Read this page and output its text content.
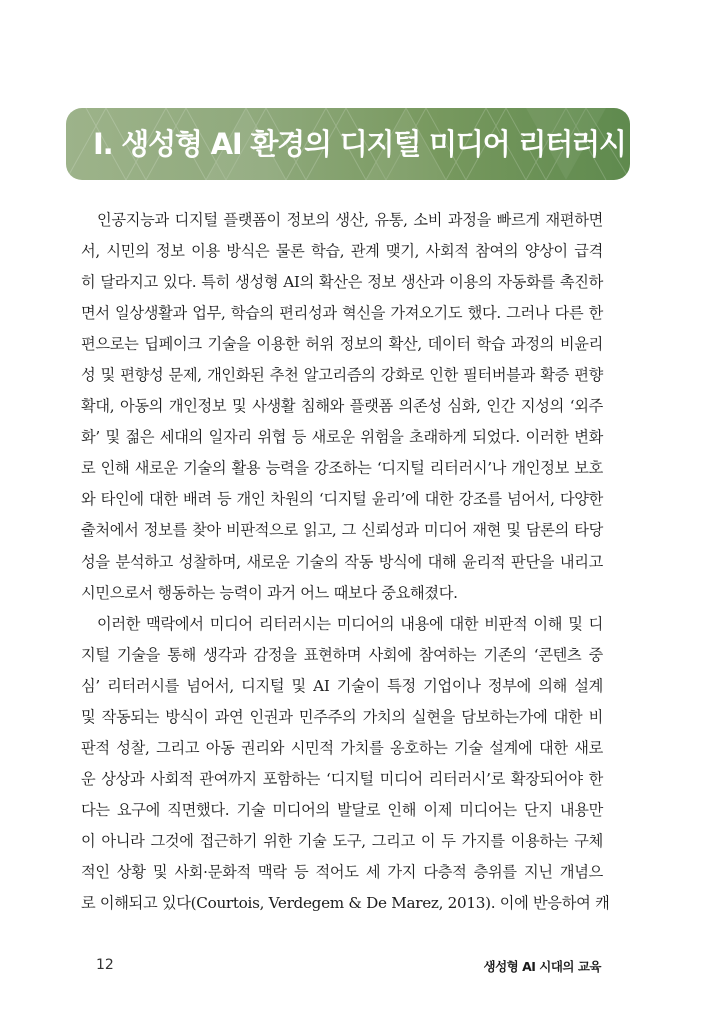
I. 생성형 AI 환경의 디지털 미디어 리터러시
인공지능과 디지털 플랫폼이 정보의 생산, 유통, 소비 과정을 빠르게 재편하면
서, 시민의 정보 이용 방식은 물론 학습, 관계 맺기, 사회적 참여의 양상이 급격
히 달라지고 있다. 특히 생성형 AI의 확산은 정보 생산과 이용의 자동화를 촉진하
면서 일상생활과 업무, 학습의 편리성과 혁신을 가져오기도 했다. 그러나 다른 한
편으로는 딥페이크 기술을 이용한 허위 정보의 확산, 데이터 학습 과정의 비윤리
성 및 편향성 문제, 개인화된 추천 알고리즘의 강화로 인한 필터버블과 확증 편향
확대, 아동의 개인정보 및 사생활 침해와 플랫폼 의존성 심화, 인간 지성의 ‘외주
화’ 및 젊은 세대의 일자리 위협 등 새로운 위험을 초래하게 되었다. 이러한 변화
로 인해 새로운 기술의 활용 능력을 강조하는 ‘디지털 리터러시’나 개인정보 보호
와 타인에 대한 배려 등 개인 차원의 ‘디지털 윤리’에 대한 강조를 넘어서, 다양한
출처에서 정보를 찾아 비판적으로 읽고, 그 신뢰성과 미디어 재현 및 담론의 타당
성을 분석하고 성찰하며, 새로운 기술의 작동 방식에 대해 윤리적 판단을 내리고
시민으로서 행동하는 능력이 과거 어느 때보다 중요해졌다.
이러한 맥락에서 미디어 리터러시는 미디어의 내용에 대한 비판적 이해 및 디
지털 기술을 통해 생각과 감정을 표현하며 사회에 참여하는 기존의 ‘콘텐츠 중
심’ 리터러시를 넘어서, 디지털 및 AI 기술이 특정 기업이나 정부에 의해 설계
및 작동되는 방식이 과연 인권과 민주주의 가치의 실현을 담보하는가에 대한 비
판적 성찰, 그리고 아동 권리와 시민적 가치를 옹호하는 기술 설계에 대한 새로
운 상상과 사회적 관여까지 포함하는 ‘디지털 미디어 리터러시’로 확장되어야 한
다는 요구에 직면했다. 기술 미디어의 발달로 인해 이제 미디어는 단지 내용만
이 아니라 그것에 접근하기 위한 기술 도구, 그리고 이 두 가지를 이용하는 구체
적인 상황 및 사회·문화적 맥락 등 적어도 세 가지 다층적 층위를 지닌 개념으
로 이해되고 있다(Courtois, Verdegem & De Marez, 2013). 이에 반응하여 캐
12	생성형 AI 시대의 교육
